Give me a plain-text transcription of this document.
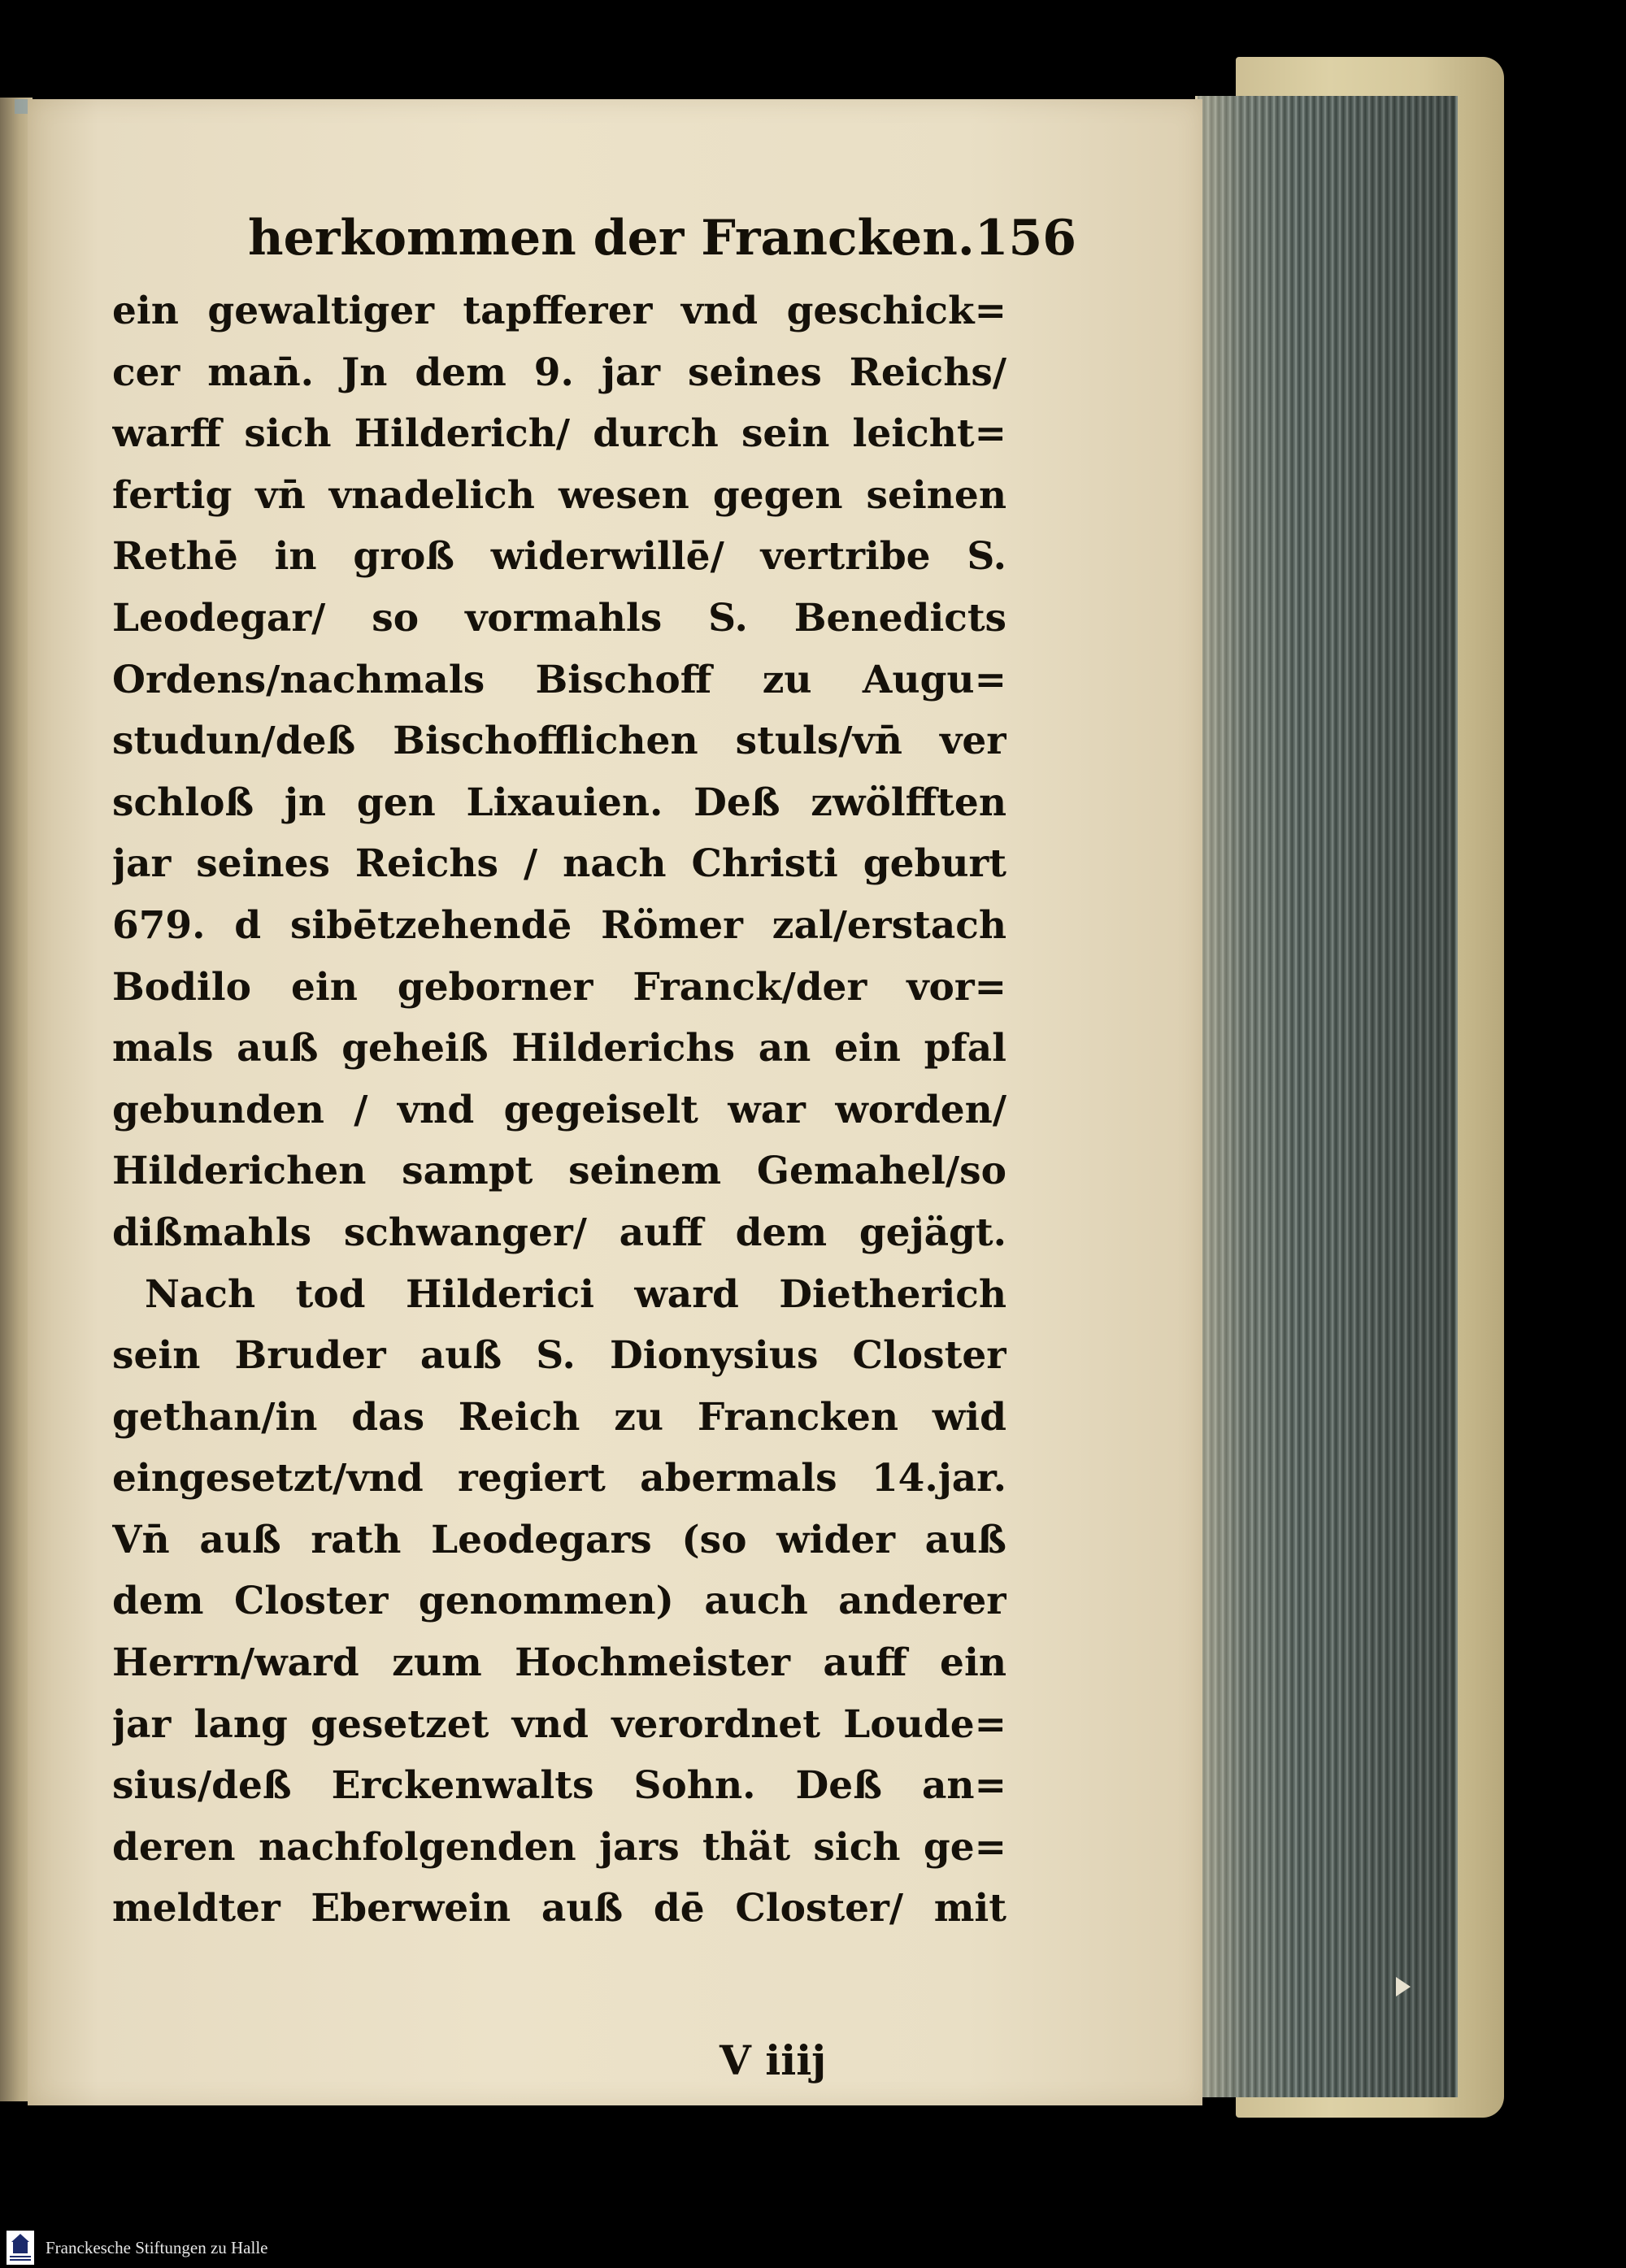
herkommen der Francken. 156
ein gewaltiger tapfferer vnd geschick=
cer man̄. Jn dem 9. jar seines Reichs/
warff sich Hilderich/ durch sein leicht=
fertig vn̄ vnadelich wesen gegen seinen
Rethē in groß widerwillē/ vertribe S.
Leodegar/ so vormahls S. Benedicts
Ordens/nachmals Bischoff zu Augu=
studun/deß Bischofflichen stuls/vn̄ ver
schloß jn gen Lixauien. Deß zwölfften
jar seines Reichs / nach Christi geburt
679. d sibētzehendē Römer zal/erstach
Bodilo ein geborner Franck/der vor=
mals auß geheiß Hilderichs an ein pfal
gebunden / vnd gegeiselt war worden/
Hilderichen sampt seinem Gemahel/so
dißmahls schwanger/ auff dem gejägt.
Nach tod Hilderici ward Dietherich
sein Bruder auß S. Dionysius Closter
gethan/in das Reich zu Francken wid
eingesetzt/vnd regiert abermals 14.jar.
Vn̄ auß rath Leodegars (so wider auß
dem Closter genommen) auch anderer
Herrn/ward zum Hochmeister auff ein
jar lang gesetzet vnd verordnet Loude=
sius/deß Erckenwalts Sohn. Deß an=
deren nachfolgenden jars thät sich ge=
meldter Eberwein auß dē Closter/ mit
V iiij
Franckesche Stiftungen zu Halle
